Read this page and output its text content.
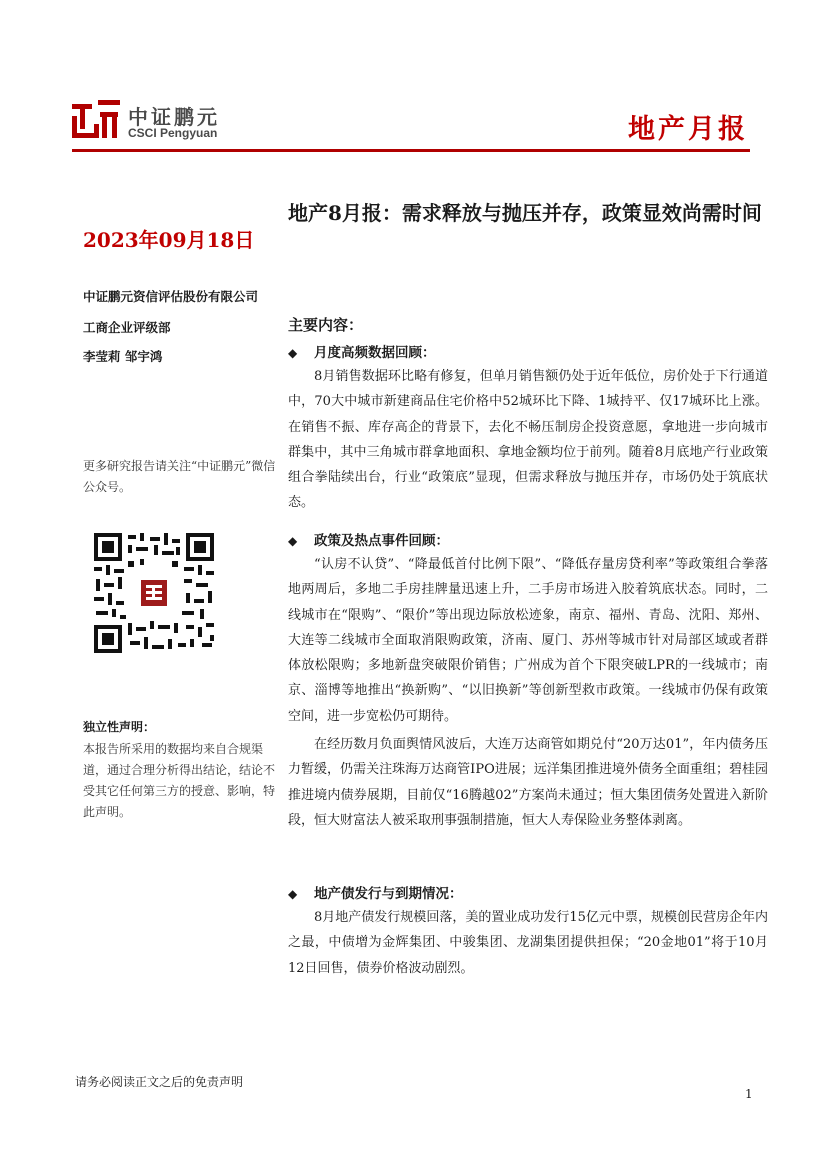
中证鹏元
CSCI Pengyuan	地产月报
2023年09月18日
中证鹏元资信评估股份有限公司
工商企业评级部
李莹莉 邹宇鸿
更多研究报告请关注“中证鹏元”微信公众号。
独立性声明：
本报告所采用的数据均来自合规渠道，通过合理分析得出结论，结论不受其它任何第三方的授意、影响，特此声明。
地产8月报：需求释放与抛压并存，政策显效尚需时间
主要内容：
◆ 月度高频数据回顾：

8月销售数据环比略有修复，但单月销售额仍处于近年低位，房价处于下行通道中，70大中城市新建商品住宅价格中52城环比下降、1城持平、仅17城环比上涨。在销售不振、库存高企的背景下，去化不畅压制房企投资意愿，拿地进一步向城市群集中，其中三角城市群拿地面积、拿地金额均位于前列。随着8月底地产行业政策组合拳陆续出台，行业“政策底”显现，但需求释放与抛压并存，市场仍处于筑底状态。

◆ 政策及热点事件回顾：

“认房不认贷”、“降最低首付比例下限”、“降低存量房贷利率”等政策组合拳落地两周后，多地二手房挂牌量迅速上升，二手房市场进入胶着筑底状态。同时，二线城市在“限购”、“限价”等出现边际放松迹象，南京、福州、青岛、沈阳、郑州、大连等二线城市全面取消限购政策，济南、厦门、苏州等城市针对局部区域或者群体放松限购；多地新盘突破限价销售；广州成为首个下限突破LPR的一线城市；南京、淄博等地推出“换新购”、“以旧换新”等创新型救市政策。一线城市仍保有政策空间，进一步宽松仍可期待。

在经历数月负面舆情风波后，大连万达商管如期兑付“20万达01”，年内债务压力暂缓，仍需关注珠海万达商管IPO进展；远洋集团推进境外债务全面重组；碧桂园推进境内债券展期，目前仅“16腾越02”方案尚未通过；恒大集团债务处置进入新阶段，恒大财富法人被采取刑事强制措施，恒大人寿保险业务整体剥离。

◆ 地产债发行与到期情况：

8月地产债发行规模回落，美的置业成功发行15亿元中票，规模创民营房企年内之最，中债增为金辉集团、中骏集团、龙湖集团提供担保；“20金地01”将于10月12日回售，债券价格波动剧烈。

请务必阅读正文之后的免责声明
1
